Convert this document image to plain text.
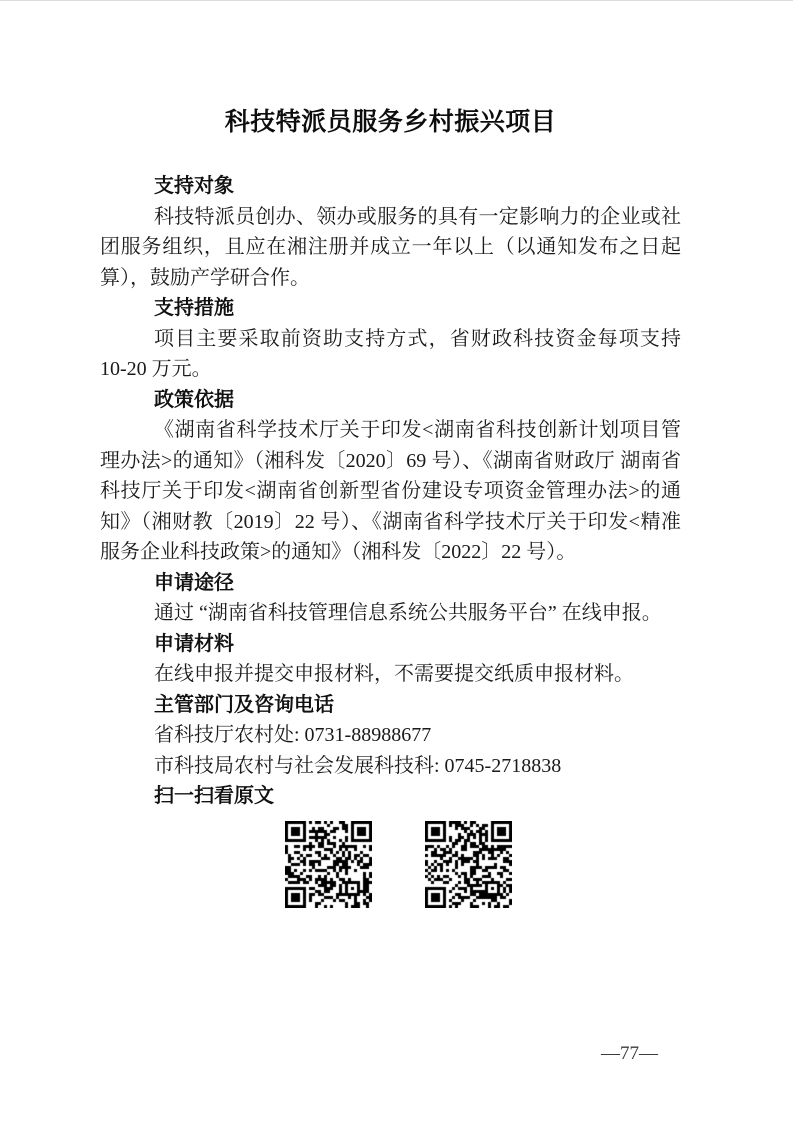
科技特派员服务乡村振兴项目
支持对象

科技特派员创办、领办或服务的具有一定影响力的企业或社团服务组织，且应在湘注册并成立一年以上（以通知发布之日起算），鼓励产学研合作。

支持措施

项目主要采取前资助支持方式，省财政科技资金每项支持 10-20 万元。

政策依据

《湖南省科学技术厅关于印发<湖南省科技创新计划项目管理办法>的通知》（湘科发〔2020〕69 号）、《湖南省财政厅 湖南省科技厅关于印发<湖南省创新型省份建设专项资金管理办法>的通知》（湘财教〔2019〕22 号）、《湖南省科学技术厅关于印发<精准服务企业科技政策>的通知》（湘科发〔2022〕22 号）。

申请途径

通过 “湖南省科技管理信息系统公共服务平台” 在线申报。

申请材料

在线申报并提交申报材料，不需要提交纸质申报材料。

主管部门及咨询电话

省科技厅农村处: 0731-88988677

市科技局农村与社会发展科技科: 0745-2718838

扫一扫看原文
—77—
